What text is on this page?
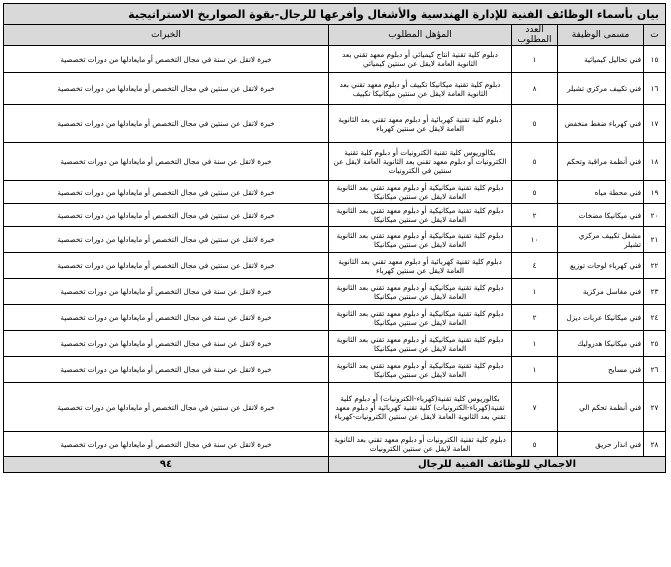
بيان بأسماء الوظائف الفنية للإدارة الهندسية والأشغال وأفرعها للرجال-بقوة الصواريخ الاستراتيجية				
ت	مسمى الوظيفة	العدد المطلوب	المؤهل المطلوب	الخبرات
١٥	فني تحاليل كيميائية	١	دبلوم كلية تقنية انتاج كيميائي أو دبلوم معهد تقني بعد الثانوية العامة لايقل عن سنتين كيميائي	خبرة لاتقل عن سنة في مجال التخصص أو مايعادلها من دورات تخصصية
١٦	فني تكييف مركزي تشيلر	٨	دبلوم كلية تقنية ميكانيكا تكييف أو دبلوم معهد تقني بعد الثانوية العامة لايقل عن سنتين ميكانيكا تكييف	خبرة لاتقل عن سنتين في مجال التخصص أو مايعادلها من دورات تخصصية
١٧	فني كهرباء ضغط منخفض	٥	دبلوم كلية تقنية كهربائية أو دبلوم معهد تقني بعد الثانوية العامة لايقل عن سنتين كهرباء	خبرة لاتقل عن سنتين في مجال التخصص أو مايعادلها من دورات تخصصية
١٨	فني أنظمة مراقبة وتحكم	٥	بكالوريوس كلية تقنية الكترونيات أو دبلوم كلية تقنية الكترونيات أو دبلوم معهد تقني بعد الثانوية العامة لايقل عن سنتين في الكترونيات	خبرة لاتقل عن سنة في مجال التخصص أو مايعادلها من دورات تخصصية
١٩	فني محطة مياه	٥	دبلوم كلية تقنية ميكانيكية أو دبلوم معهد تقني بعد الثانوية العامة لايقل عن سنتين ميكانيكا	خبرة لاتقل عن سنتين في مجال التخصص أو مايعادلها من دورات تخصصية
٢٠	فني ميكانيكا مضخات	٢	دبلوم كلية تقنية ميكانيكية أو دبلوم معهد تقني بعد الثانوية العامة لايقل عن سنتين ميكانيكا	خبرة لاتقل عن سنتين في مجال التخصص أو مايعادلها من دورات تخصصية
٢١	مشغل تكييف مركزي تشيلر	١٠	دبلوم كلية تقنية ميكانيكية أو دبلوم معهد تقني بعد الثانوية العامة لايقل عن سنتين ميكانيكا	خبرة لاتقل عن سنتين في مجال التخصص أو مايعادلها من دورات تخصصية
٢٢	فني كهرباء لوحات توزيع	٤	دبلوم كلية تقنية كهربائية أو دبلوم معهد تقني بعد الثانوية العامة لايقل عن سنتين كهرباء	خبرة لاتقل عن سنتين في مجال التخصص أو مايعادلها من دورات تخصصية
٢٣	فني مغاسل مركزية	١	دبلوم كلية تقنية ميكانيكية أو دبلوم معهد تقني بعد الثانوية العامة لايقل عن سنتين ميكانيكا	خبرة لاتقل عن سنة في مجال التخصص أو مايعادلها من دورات تخصصية
٢٤	فني ميكانيكا عربات ديزل	٢	دبلوم كلية تقنية ميكانيكية أو دبلوم معهد تقني بعد الثانوية العامة لايقل عن سنتين ميكانيكا	خبرة لاتقل عن سنة في مجال التخصص أو مايعادلها من دورات تخصصية
٢٥	فني ميكانيكا هدروليك	١	دبلوم كلية تقنية ميكانيكية أو دبلوم معهد تقني بعد الثانوية العامة لايقل عن سنتين ميكانيكا	خبرة لاتقل عن سنة في مجال التخصص أو مايعادلها من دورات تخصصية
٢٦	فني مسابح	١	دبلوم كلية تقنية ميكانيكية أو دبلوم معهد تقني بعد الثانوية العامة لايقل عن سنتين ميكانيكا	خبرة لاتقل عن سنة في مجال التخصص أو مايعادلها من دورات تخصصية
٢٧	فني أنظمة تحكم الي	٧	بكالوريوس كلية تقنية(كهرباء-الكترونيات) أو دبلوم كلية تقنية(كهرباء-الكترونيات) كلية تقنية كهربائية أو دبلوم معهد تقني بعد الثانوية العامة لايقل عن سنتين الكترونيات-كهرباء	خبرة لاتقل عن سنتين في مجال التخصص أو مايعادلها من دورات تخصصية
٢٨	فني انذار حريق	٥	دبلوم كلية تقنية الكترونيات أو دبلوم معهد تقني بعد الثانوية العامة لايقل عن سنتين الكترونيات	خبرة لاتقل عن سنة في مجال التخصص أو مايعادلها من دورات تخصصية
الاجمالي للوظائف الفنية للرجال				٩٤
